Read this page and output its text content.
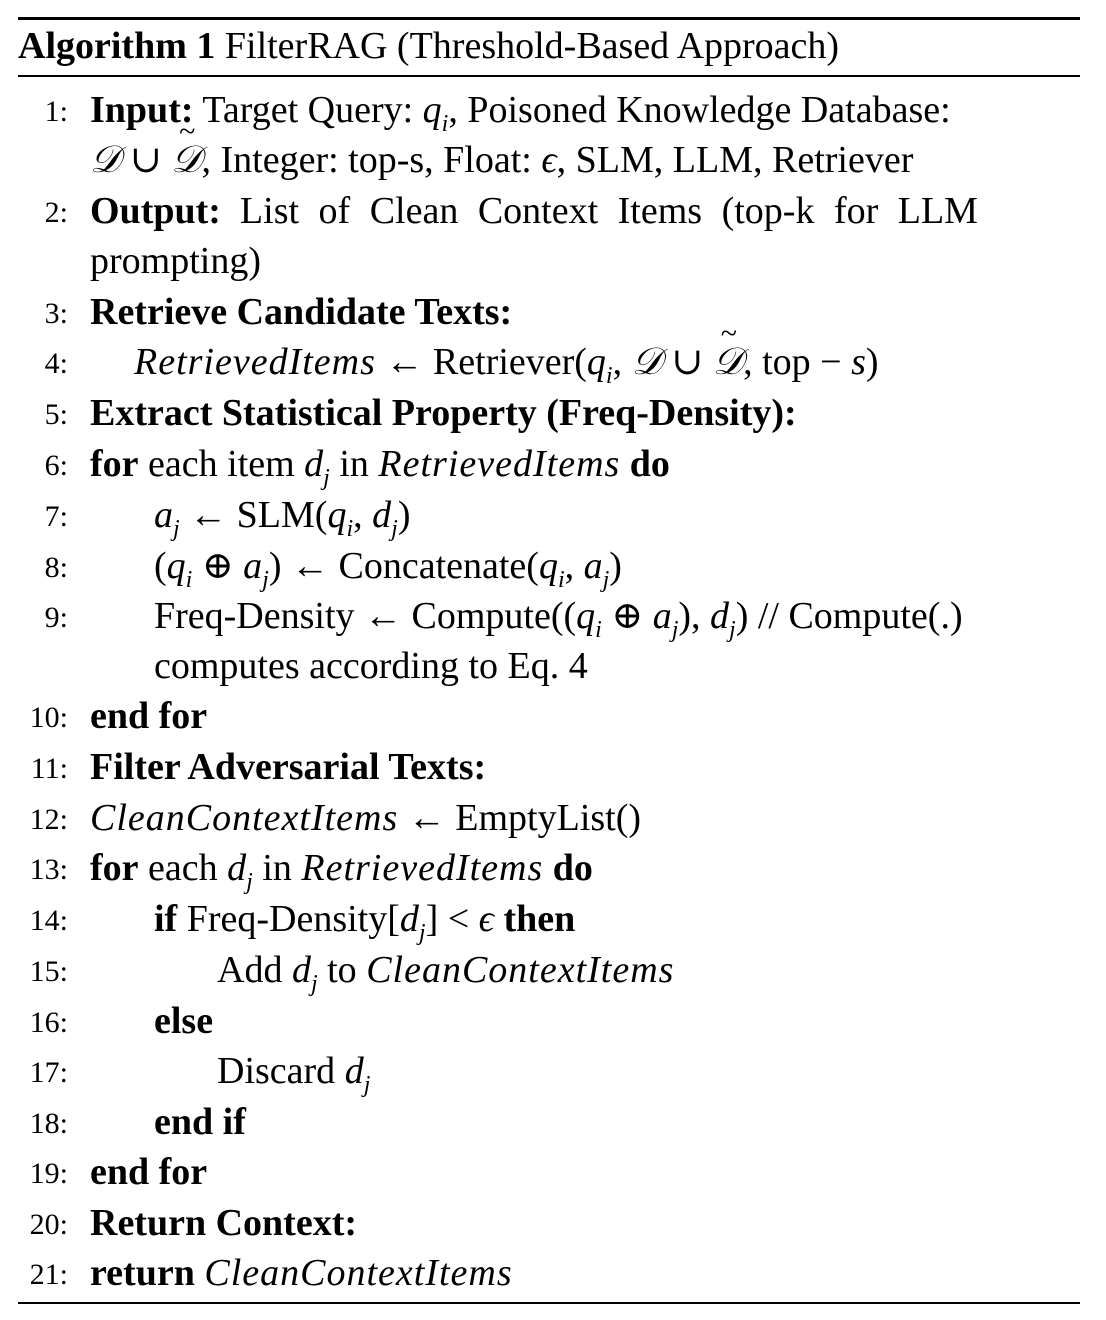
Algorithm 1 FilterRAG (Threshold-Based Approach)
1: Input: Target Query: $q_i$, Poisoned Knowledge Database:
𝒟 ∪ ~ 𝒟, Integer: top-s, Float: ϵ, SLM, LLM, Retriever
2: Output: List of Clean Context Items (top-k for LLM
prompting)
3: Retrieve Candidate Texts:
4: RetrievedItems ← $Retriever(q_i$, 𝒟 ∪ ~ 𝒟, top − s)
5: Extract Statistical Property (Freq-Density):
6: for each item $d_j$ in RetrievedItems do
7: $a_j$ ← $SLM(q_i$, $d_j$)
8: ($q_i$ ⊕ $a_j$) ← $Concatenate(q_i$, $a_j$)
9: Freq-Density ← $Compute((q_i$ ⊕ $a_j$), $d_j$) // Compute(.)
computes according to Eq. 4
10: end for
11: Filter Adversarial Texts:
12: CleanContextItems ← EmptyList()
13: for each $d_j$ in RetrievedItems do
14: if Freq-$Density[d_j] < \epsilon$ then
15:	Add $d_j$ to CleanContextItems
16: else
17:	Discard $d_j$
18: end if
19: end for
20: Return Context:
21: return CleanContextItems
